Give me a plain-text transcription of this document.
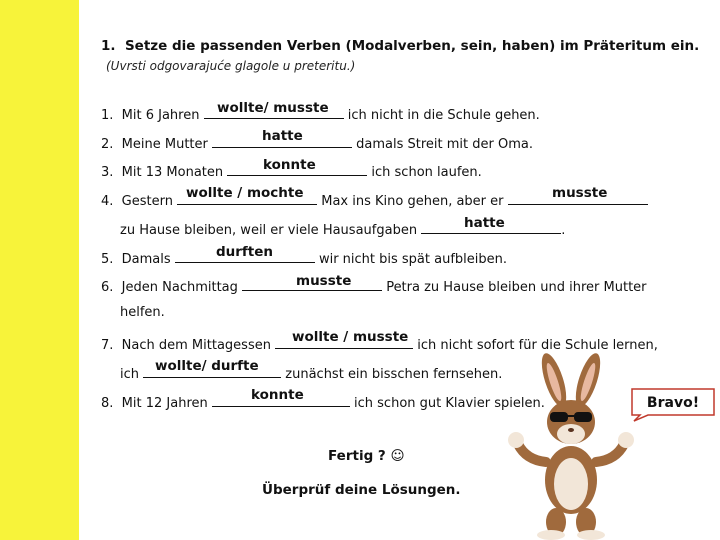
1. Setze die passenden Verben (Modalverben, sein, haben) im Präteritum ein.
(Uvrsti odgovarajuće glagole u preteritu.)
1. Mit 6 Jahren	ich nicht in die Schule gehen.
wollte/ musste
2. Meine Mutter	damals Streit mit der Oma.
hatte
3. Mit 13 Monaten	ich schon laufen.
konnte
4. Gestern	Max ins Kino gehen, aber er
wollte / mochte	musste
zu Hause bleiben, weil er viele Hausaufgaben	.
hatte
5. Damals	wir nicht bis spät aufbleiben.
durften
6. Jeden Nachmittag	Petra zu Hause bleiben und ihrer Mutter
musste
helfen.
7. Nach dem Mittagessen	ich nicht sofort für die Schule lernen,
wollte / musste
ich	zunächst ein bisschen fernsehen.
wollte/ durfte
8. Mit 12 Jahren	ich schon gut Klavier spielen.
konnte
Fertig ? ☺
Überprüf deine Lösungen.
Bravo!
